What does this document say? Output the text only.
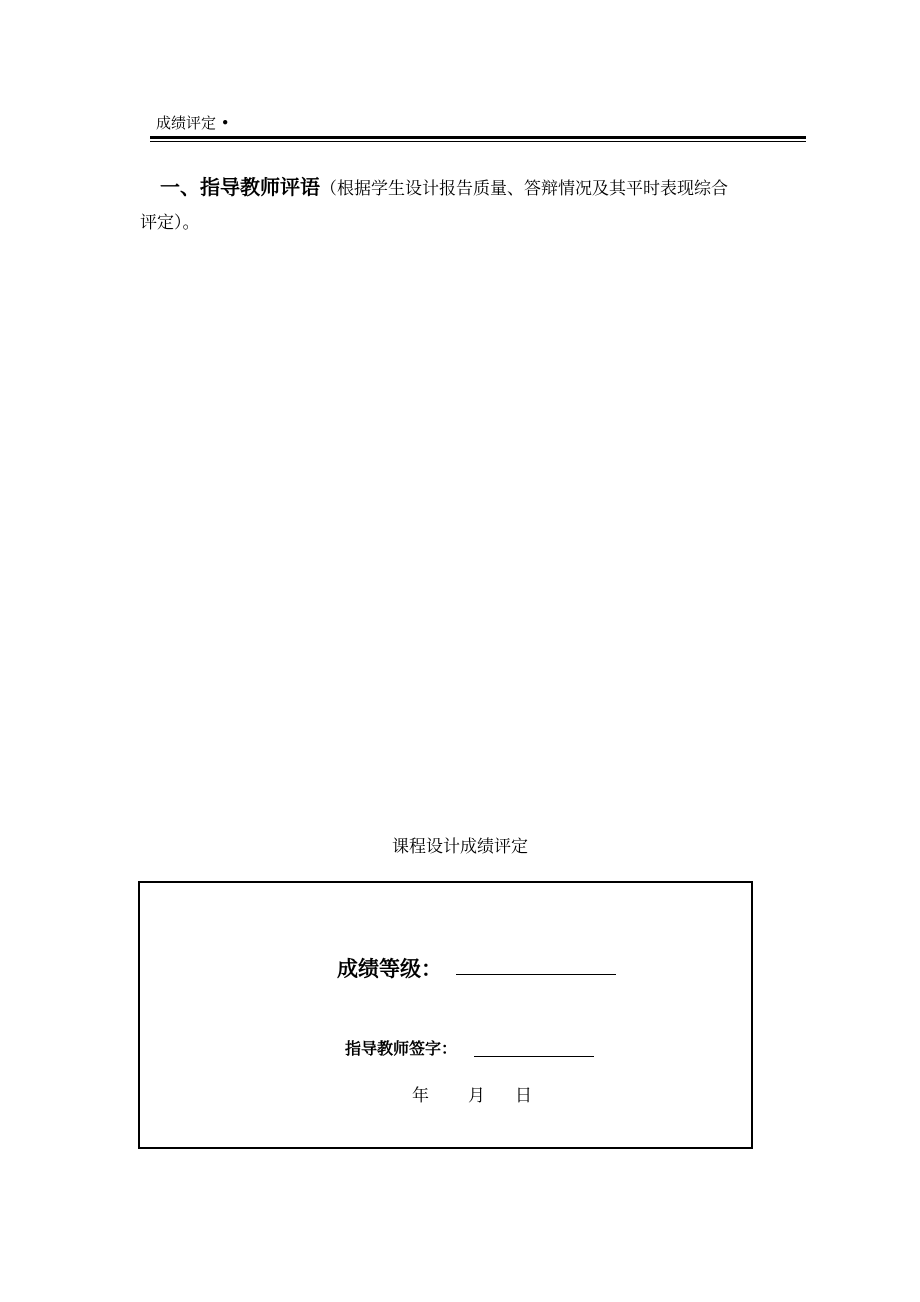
成绩评定 •
一、指导教师评语（根据学生设计报告质量、答辩情况及其平时表现综合
评定）。
课程设计成绩评定
成绩等级：
指导教师签字：
年 月 日
